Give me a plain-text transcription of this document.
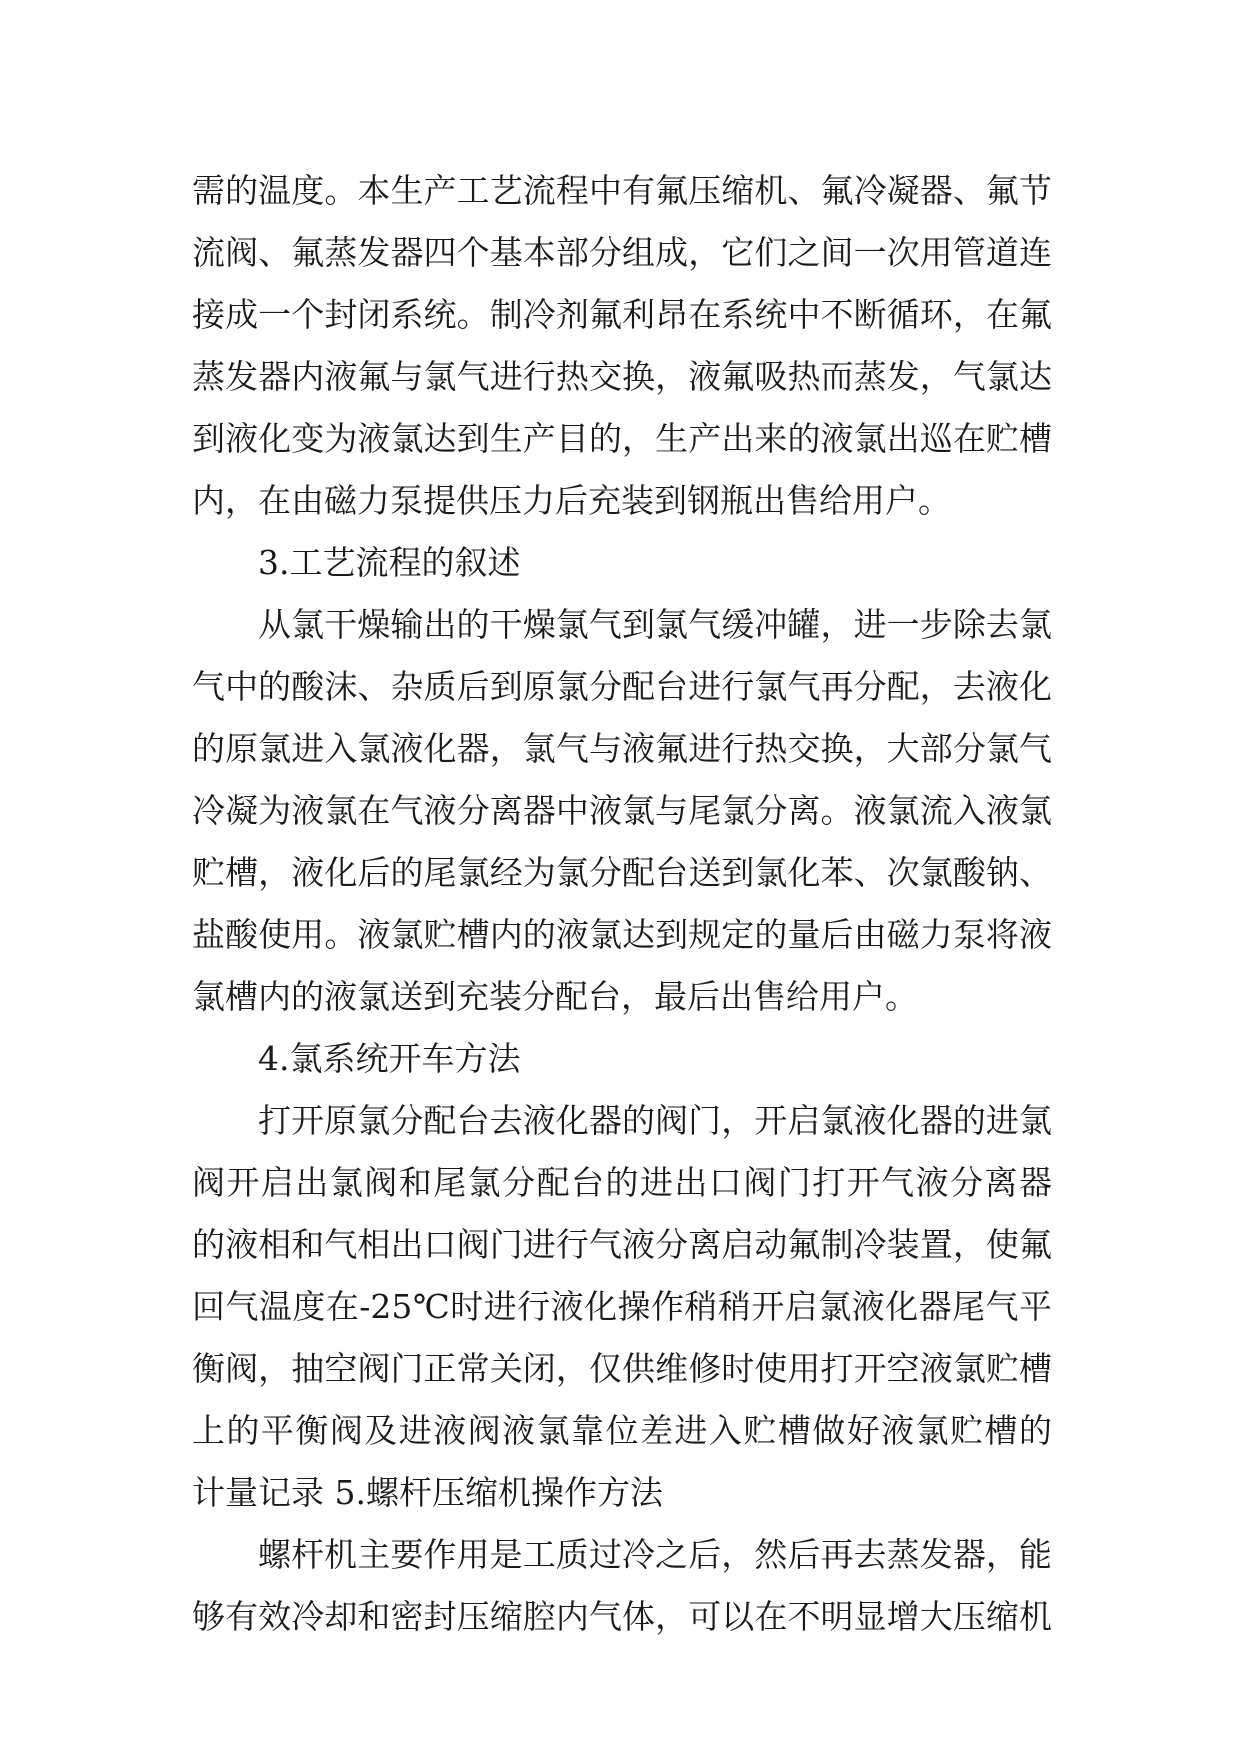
需的温度。本生产工艺流程中有氟压缩机、氟冷凝器、氟节
流阀、氟蒸发器四个基本部分组成，它们之间一次用管道连
接成一个封闭系统。制冷剂氟利昂在系统中不断循环，在氟
蒸发器内液氟与氯气进行热交换，液氟吸热而蒸发，气氯达
到液化变为液氯达到生产目的，生产出来的液氯出巡在贮槽
内，在由磁力泵提供压力后充装到钢瓶出售给用户。
3.工艺流程的叙述
从氯干燥输出的干燥氯气到氯气缓冲罐，进一步除去氯
气中的酸沫、杂质后到原氯分配台进行氯气再分配，去液化
的原氯进入氯液化器，氯气与液氟进行热交换，大部分氯气
冷凝为液氯在气液分离器中液氯与尾氯分离。液氯流入液氯
贮槽，液化后的尾氯经为氯分配台送到氯化苯、次氯酸钠、
盐酸使用。液氯贮槽内的液氯达到规定的量后由磁力泵将液
氯槽内的液氯送到充装分配台，最后出售给用户。
4.氯系统开车方法
打开原氯分配台去液化器的阀门，开启氯液化器的进氯
阀开启出氯阀和尾氯分配台的进出口阀门打开气液分离器
的液相和气相出口阀门进行气液分离启动氟制冷装置，使氟
回气温度在-25℃时进行液化操作稍稍开启氯液化器尾气平
衡阀，抽空阀门正常关闭，仅供维修时使用打开空液氯贮槽
上的平衡阀及进液阀液氯靠位差进入贮槽做好液氯贮槽的
计量记录 5.螺杆压缩机操作方法
螺杆机主要作用是工质过冷之后，然后再去蒸发器，能
够有效冷却和密封压缩腔内气体，可以在不明显增大压缩机
